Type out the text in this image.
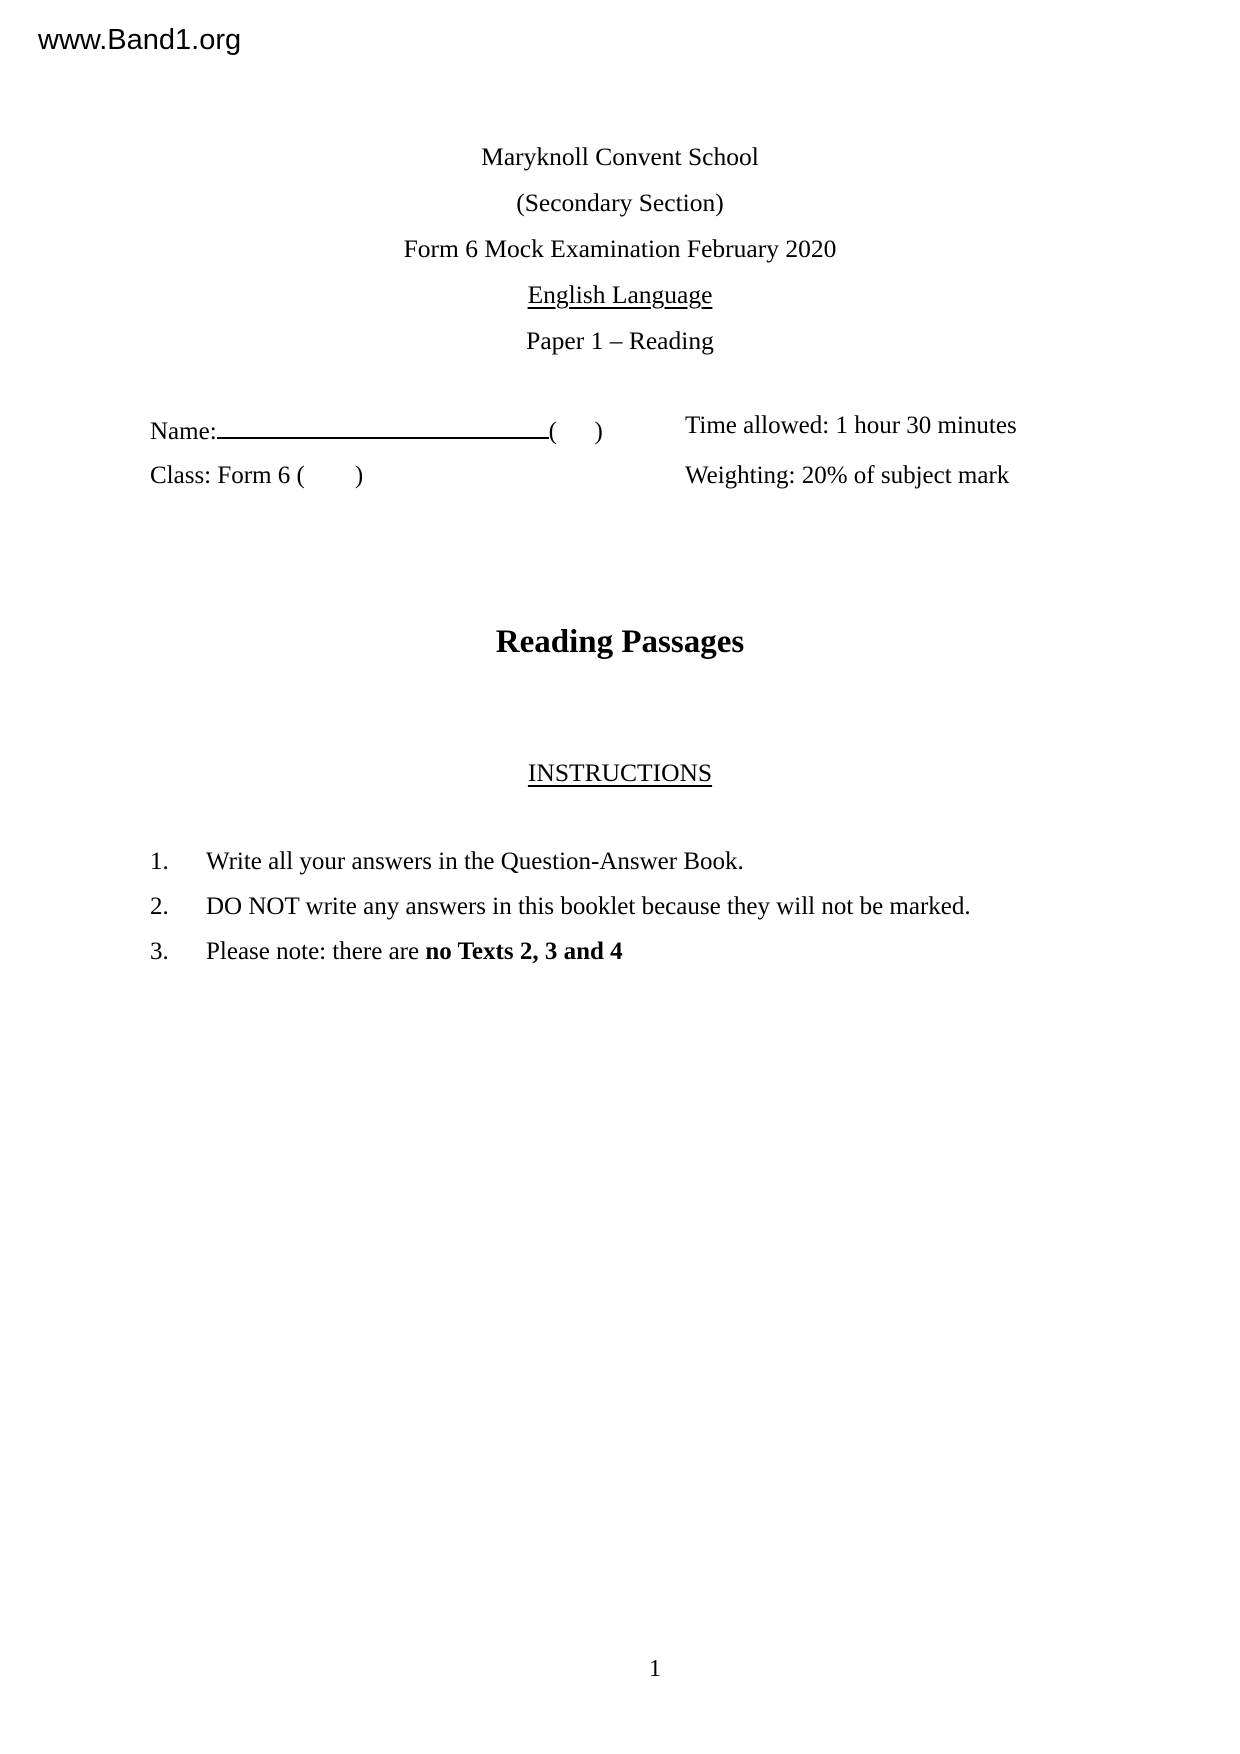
www.Band1.org
Maryknoll Convent School
(Secondary Section)
Form 6 Mock Examination February 2020
English Language
Paper 1 – Reading
Name:	(      )	Time allowed: 1 hour 30 minutes
Class: Form 6 (        )	Weighting: 20% of subject mark
Reading Passages
INSTRUCTIONS
1.	Write all your answers in the Question-Answer Book.
2.	DO NOT write any answers in this booklet because they will not be marked.
3.	Please note: there are no Texts 2, 3 and 4
1
